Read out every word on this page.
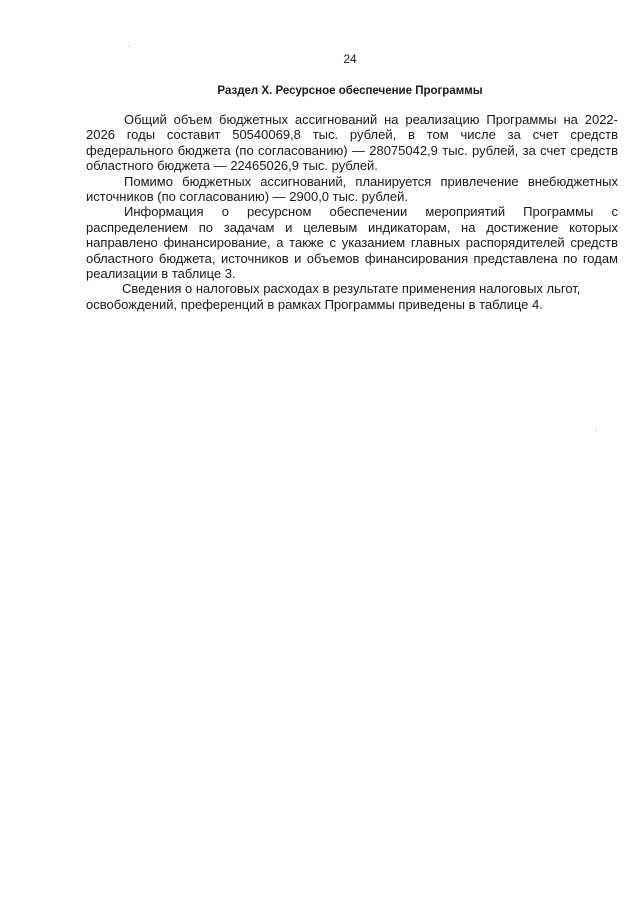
24
Раздел X. Ресурсное обеспечение Программы

Общий объем бюджетных ассигнований на реализацию Программы на 2022-2026 годы составит 50540069,8 тыс. рублей, в том числе за счет средств федерального бюджета (по согласованию) — 28075042,9 тыс. рублей, за счет средств областного бюджета — 22465026,9 тыс. рублей.

Помимо бюджетных ассигнований, планируется привлечение внебюджетных источников (по согласованию) — 2900,0 тыс. рублей.

Информация о ресурсном обеспечении мероприятий Программы с распределением по задачам и целевым индикаторам, на достижение которых направлено финансирование, а также с указанием главных распорядителей средств областного бюджета, источников и объемов финансирования представлена по годам реализации в таблице 3.

Сведения о налоговых расходах в результате применения налоговых льгот, освобождений, преференций в рамках Программы приведены в таблице 4.
